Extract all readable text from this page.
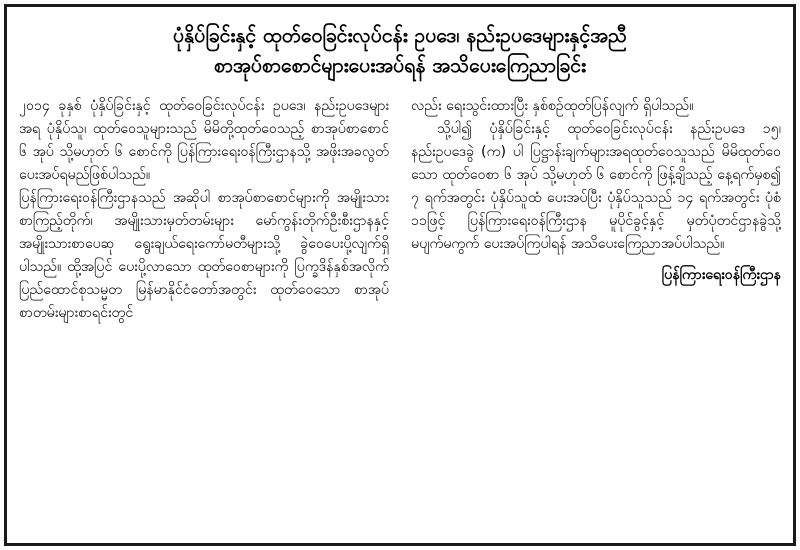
ပုံနှိပ်ခြင်းနှင့် ထုတ်ဝေခြင်းလုပ်ငန်း ဥပဒေ၊ နည်းဥပဒေများနှင့်အညီ
စာအုပ်စာစောင်များပေးအပ်ရန် အသိပေးကြေညာခြင်း

၂၀၁၄ ခုနှစ် ပုံနှိပ်ခြင်းနှင့် ထုတ်ဝေခြင်းလုပ်ငန်း ဥပဒေ၊ နည်းဥပဒေများအရ ပုံနှိပ်သူ၊ ထုတ်ဝေသူများသည် မိမိတို့ထုတ်ဝေသည့် စာအုပ်စာစောင် ၆ အုပ် သို့မဟုတ် ၆ စောင်ကို ပြန်ကြားရေးဝန်ကြီးဌာနသို့ အဖိုးအခလွတ် ပေးအပ်ရမည်ဖြစ်ပါသည်။

ပြန်ကြားရေးဝန်ကြီးဌာနသည် အဆိုပါ စာအုပ်စာစောင်များကို အမျိုးသားစာကြည့်တိုက်၊ အမျိုးသားမှတ်တမ်းများ မော်ကွန်းတိုက်ဦးစီးဌာနနှင့် အမျိုးသားစာပေဆု ရွေးချယ်ရေးကော်မတီများသို့ ခွဲဝေပေးပို့လျက်ရှိပါသည်။ ထို့အပြင် ပေးပို့လာသော ထုတ်ဝေစာများကို ပြက္ခဒိန်နှစ်အလိုက် ပြည်ထောင်စုသမ္မတ မြန်မာနိုင်ငံတော်အတွင်း ထုတ်ဝေသော စာအုပ်စာတမ်းများစာရင်းတွင်

လည်း ရေးသွင်းထားပြီး နှစ်စဉ်ထုတ်ပြန်လျက် ရှိပါသည်။

သို့ပါ၍ ပုံနှိပ်ခြင်းနှင့် ထုတ်ဝေခြင်းလုပ်ငန်း နည်းဥပဒေ ၁၅၊ နည်းဥပဒေခွဲ (က) ပါ ပြဋ္ဌာန်းချက်များအရထုတ်ဝေသူသည် မိမိထုတ်ဝေသော ထုတ်ဝေစာ ၆ အုပ် သို့မဟုတ် ၆ စောင်ကို ဖြန့်ချိသည့် နေ့ရက်မှစ၍ ၇ ရက်အတွင်း ပုံနှိပ်သူထံ ပေးအပ်ပြီး ပုံနှိပ်သူသည် ၁၄ ရက်အတွင်း ပုံစံ ၁၁ဖြင့် ပြန်ကြားရေးဝန်ကြီးဌာန မူပိုင်ခွင့်နှင့် မှတ်ပုံတင်ဌာနခွဲသို့ မပျက်မကွက် ပေးအပ်ကြပါရန် အသိပေးကြေညာအပ်ပါသည်။

ပြန်ကြားရေးဝန်ကြီးဌာန
